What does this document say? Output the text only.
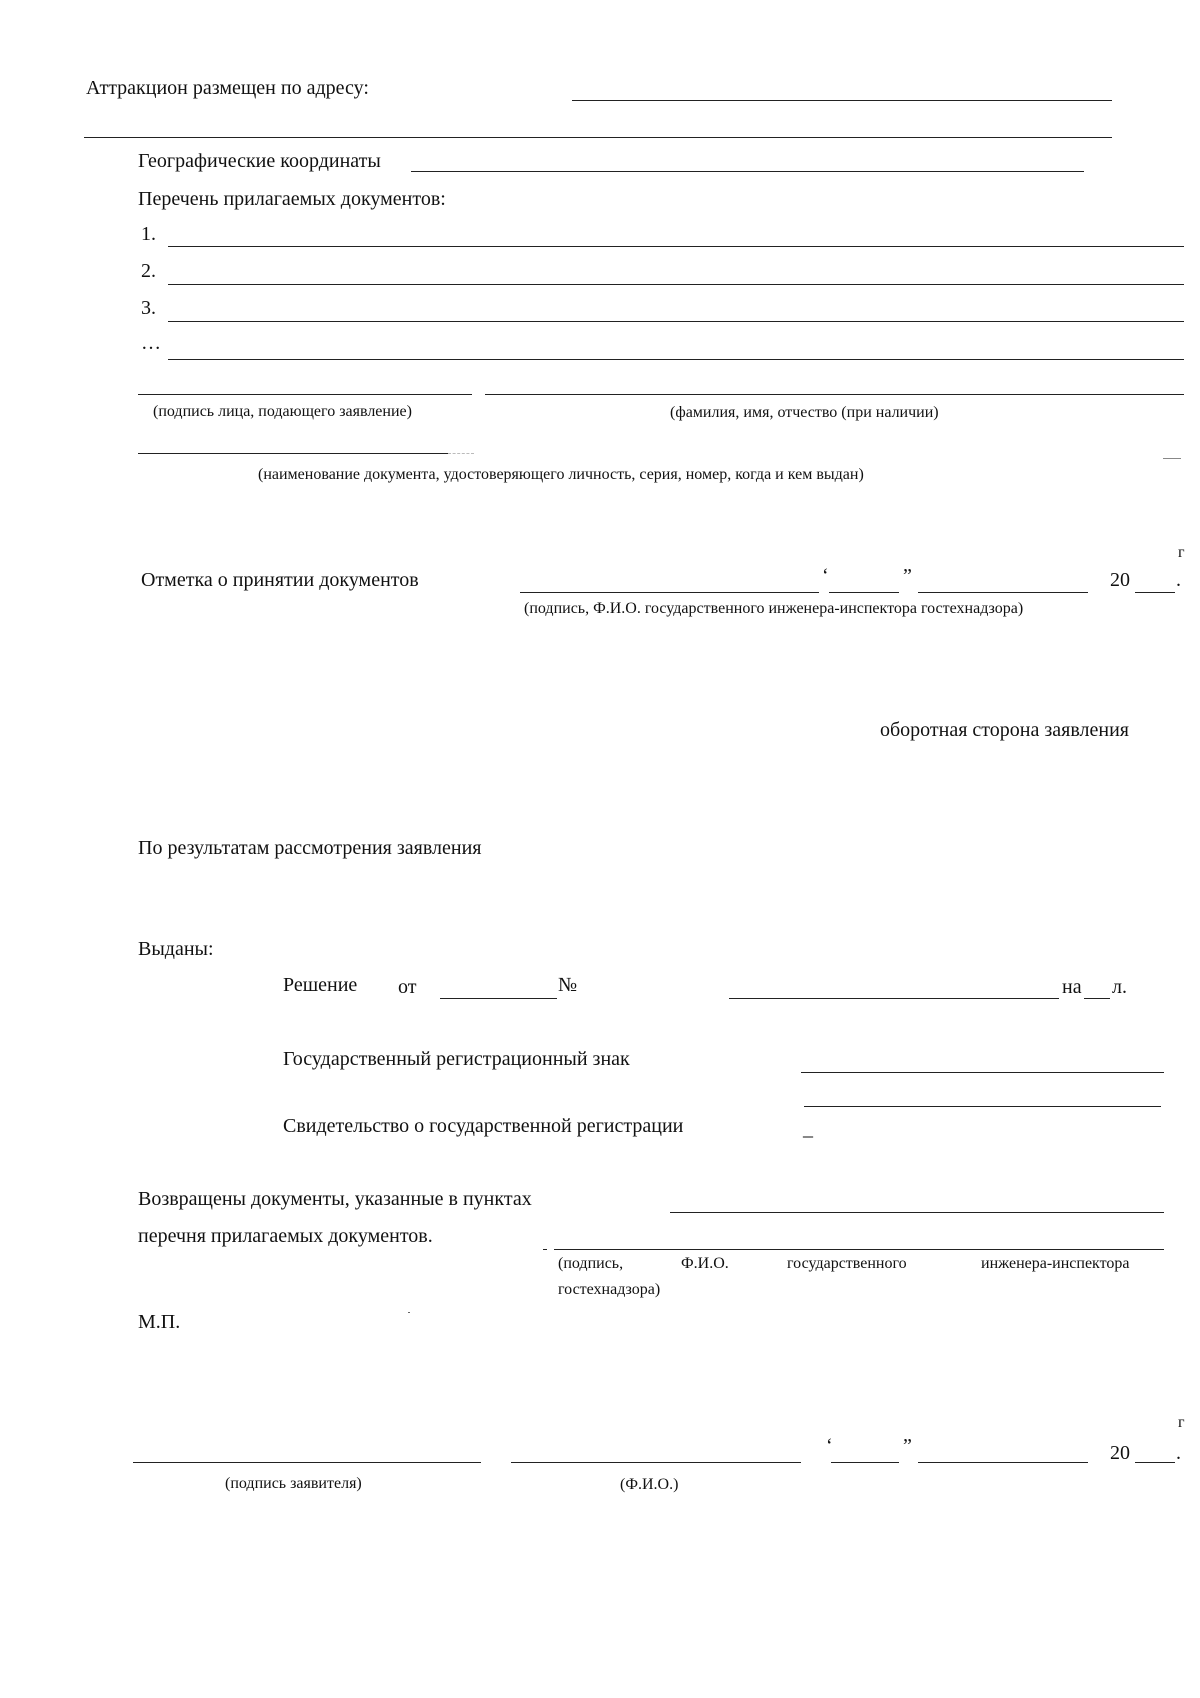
Аттракцион размещен по адресу:
Географические координаты
Перечень прилагаемых документов:
1.
2.
3.
…
(подпись лица, подающего заявление)	(фамилия, имя, отчество (при наличии)
(наименование документа, удостоверяющего личность, серия, номер, когда и кем выдан)
Отметка о принятии документов	‘	”	20 .
г
(подпись, Ф.И.О. государственного инженера-инспектора гостехнадзора)
оборотная сторона заявления
По результатам рассмотрения заявления
Выданы:
Решение от	№	на л.
Государственный регистрационный знак
Свидетельство о государственной регистрации	_
Возвращены документы, указанные в пунктах
перечня прилагаемых документов.
(подпись,	Ф.И.О.	государственного	инженера-инспектора
гостехнадзора)
М.П.
г
‘	”	20 .
(подпись заявителя)	(Ф.И.О.)
